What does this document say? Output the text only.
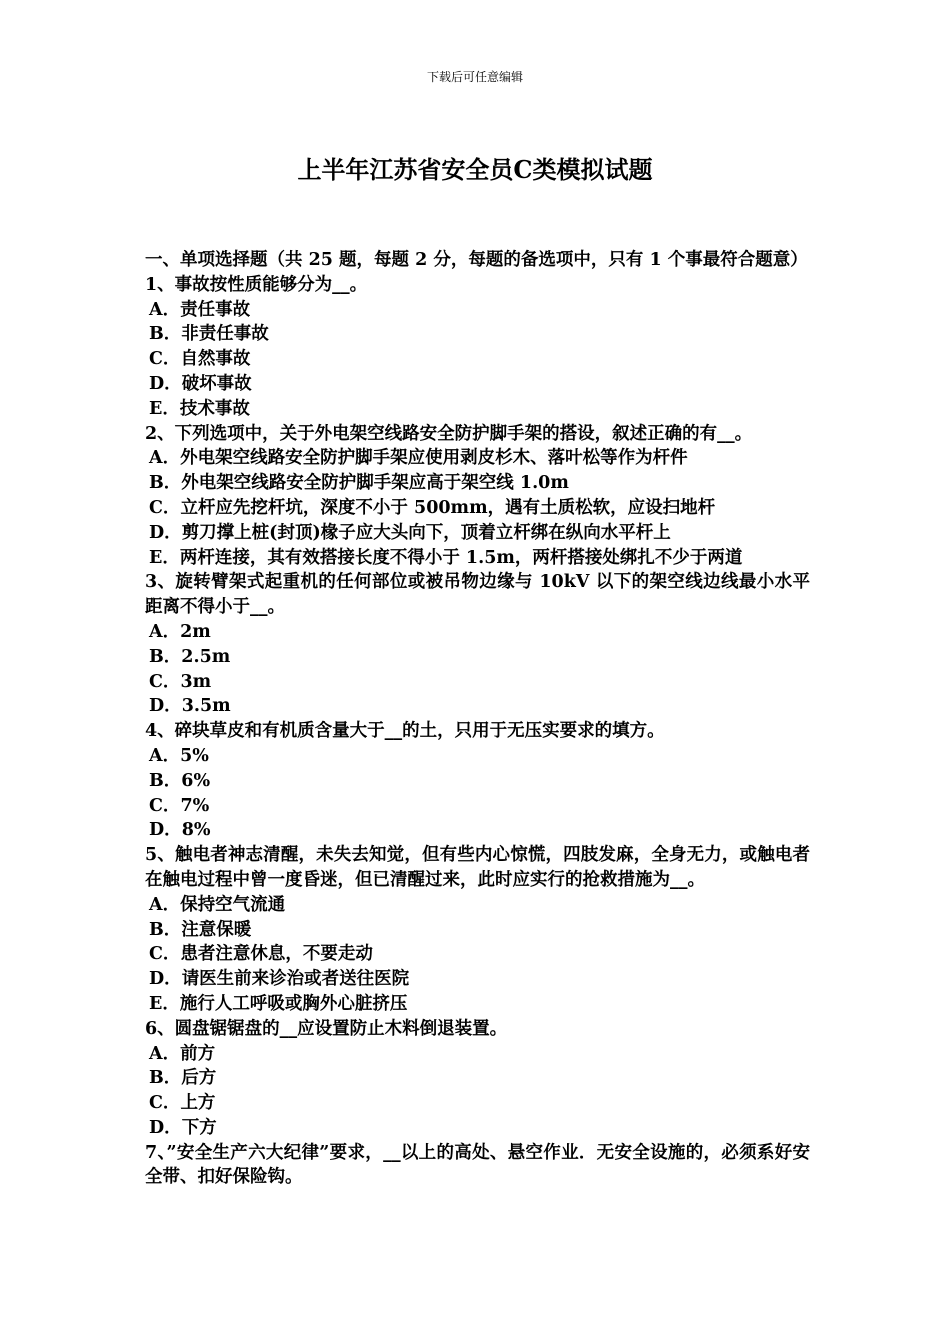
下载后可任意编辑
上半年江苏省安全员C类模拟试题

一、单项选择题（共 25 题，每题 2 分，每题的备选项中，只有 1 个事最符合题意）

1、事故按性质能够分为__。

A．责任事故
B．非责任事故
C．自然事故
D．破坏事故
E．技术事故

2、下列选项中，关于外电架空线路安全防护脚手架的搭设，叙述正确的有__。

A．外电架空线路安全防护脚手架应使用剥皮杉木、落叶松等作为杆件
B．外电架空线路安全防护脚手架应高于架空线 1.0m
C．立杆应先挖杆坑，深度不小于 500mm，遇有土质松软，应设扫地杆
D．剪刀撑上桩(封顶)椽子应大头向下，顶着立杆绑在纵向水平杆上
E．两杆连接，其有效搭接长度不得小于 1.5m，两杆搭接处绑扎不少于两道

3、旋转臂架式起重机的任何部位或被吊物边缘与 10kV 以下的架空线边线最小水平距离不得小于__。

A．2m
B．2.5m
C．3m
D．3.5m

4、碎块草皮和有机质含量大于__的土，只用于无压实要求的填方。

A．5%
B．6%
C．7%
D．8%

5、触电者神志清醒，未失去知觉，但有些内心惊慌，四肢发麻，全身无力，或触电者在触电过程中曾一度昏迷，但已清醒过来，此时应实行的抢救措施为__。

A．保持空气流通
B．注意保暖
C．患者注意休息，不要走动
D．请医生前来诊治或者送往医院
E．施行人工呼吸或胸外心脏挤压

6、圆盘锯锯盘的__应设置防止木料倒退装置。

A．前方
B．后方
C．上方
D．下方

7、”安全生产六大纪律”要求，__以上的高处、悬空作业．无安全设施的，必须系好安全带、扣好保险钩。
